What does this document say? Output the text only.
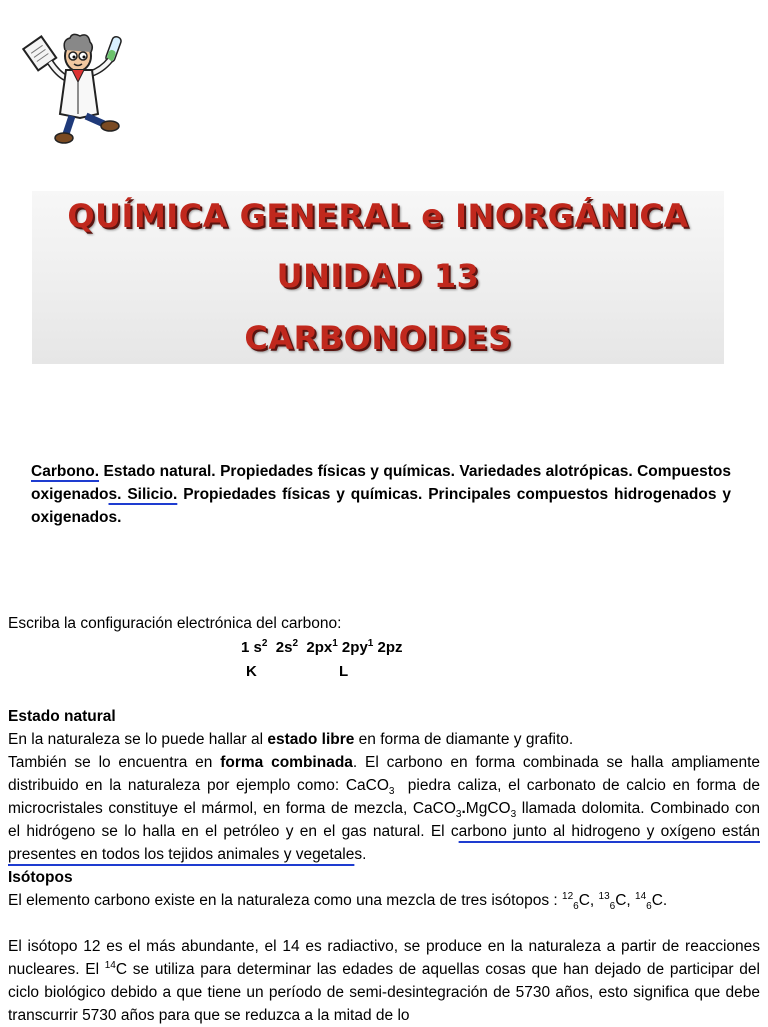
QUÍMICA GENERAL e INORGÁNICA
UNIDAD 13
CARBONOIDES
Carbono. Estado natural. Propiedades físicas y químicas. Variedades alotrópicas. Compuestos oxigenados. Silicio. Propiedades físicas y químicas. Principales compuestos hidrogenados y oxigenados.
Escriba la configuración electrónica del carbono:
1 $s^2$  $2s^2$  $2px^1$ $2py^1$ 2pz
K	L
Estado natural

En la naturaleza se lo puede hallar al estado libre en forma de diamante y grafito.

También se lo encuentra en forma combinada. El carbono en forma combinada se halla ampliamente distribuido en la naturaleza por ejemplo como: CaCO$_3$  piedra caliza, el carbonato de calcio en forma de microcristales constituye el mármol, en forma de mezcla, CaCO$_3$.MgCO$_3$ llamada dolomita. Combinado con el hidrógeno se lo halla en el petróleo y en el gas natural. El carbono junto al hidrogeno y oxígeno están presentes en todos los tejidos animales y vegetales.

Isótopos

El elemento carbono existe en la naturaleza como una mezcla de tres isótopos : $^{12}_6$C, $^{13}_6$C, $^{14}_6$C.

El isótopo 12 es el más abundante, el 14 es radiactivo, se produce en la naturaleza a partir de reacciones nucleares. El $^{14}$C se utiliza para determinar las edades de aquellas cosas que han dejado de participar del ciclo biológico debido a que tiene un período de semi-desintegración de 5730 años, esto significa que debe transcurrir 5730 años para que se reduzca a la mitad de lo
